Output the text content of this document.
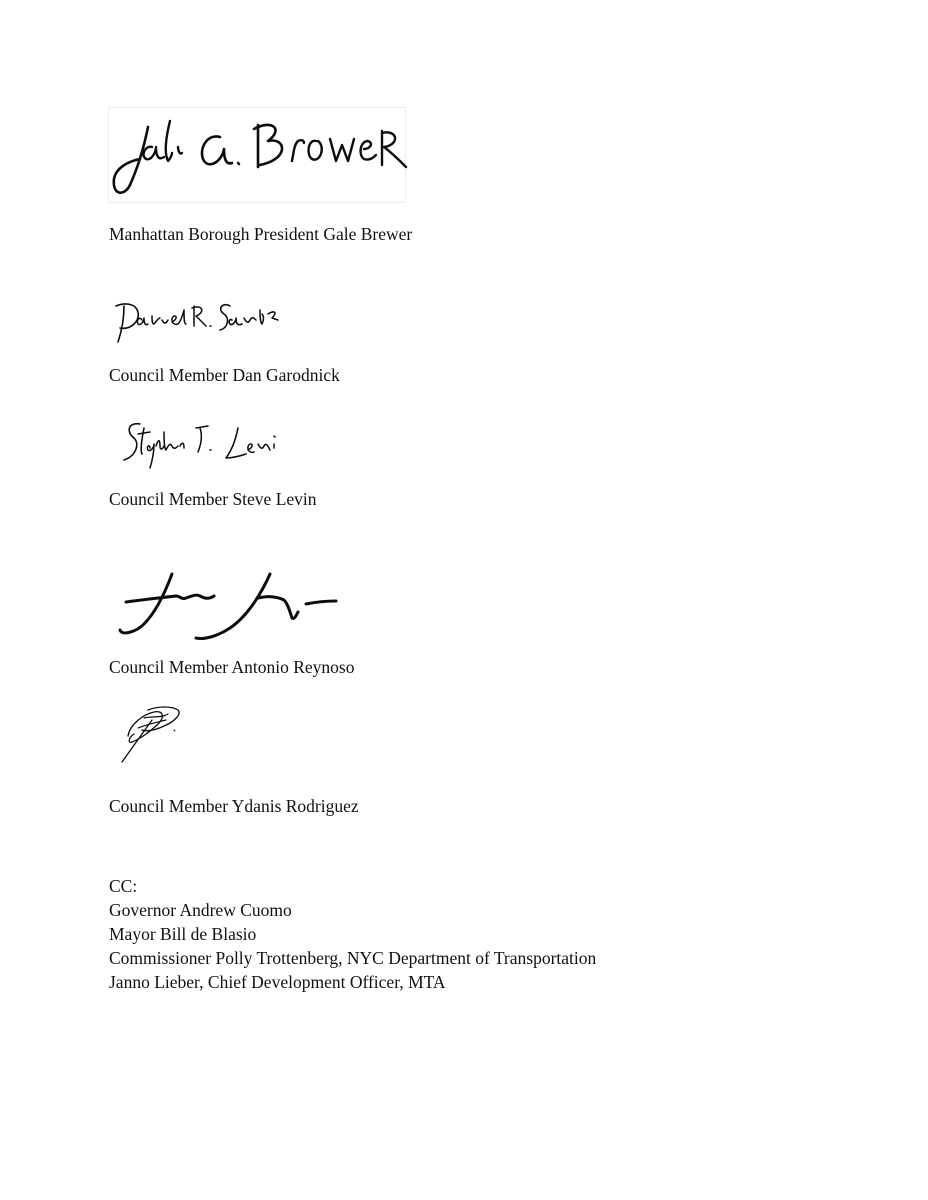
Manhattan Borough President Gale Brewer
Council Member Dan Garodnick
Council Member Steve Levin
Council Member Antonio Reynoso
Council Member Ydanis Rodriguez
CC:
Governor Andrew Cuomo
Mayor Bill de Blasio
Commissioner Polly Trottenberg, NYC Department of Transportation
Janno Lieber, Chief Development Officer, MTA
